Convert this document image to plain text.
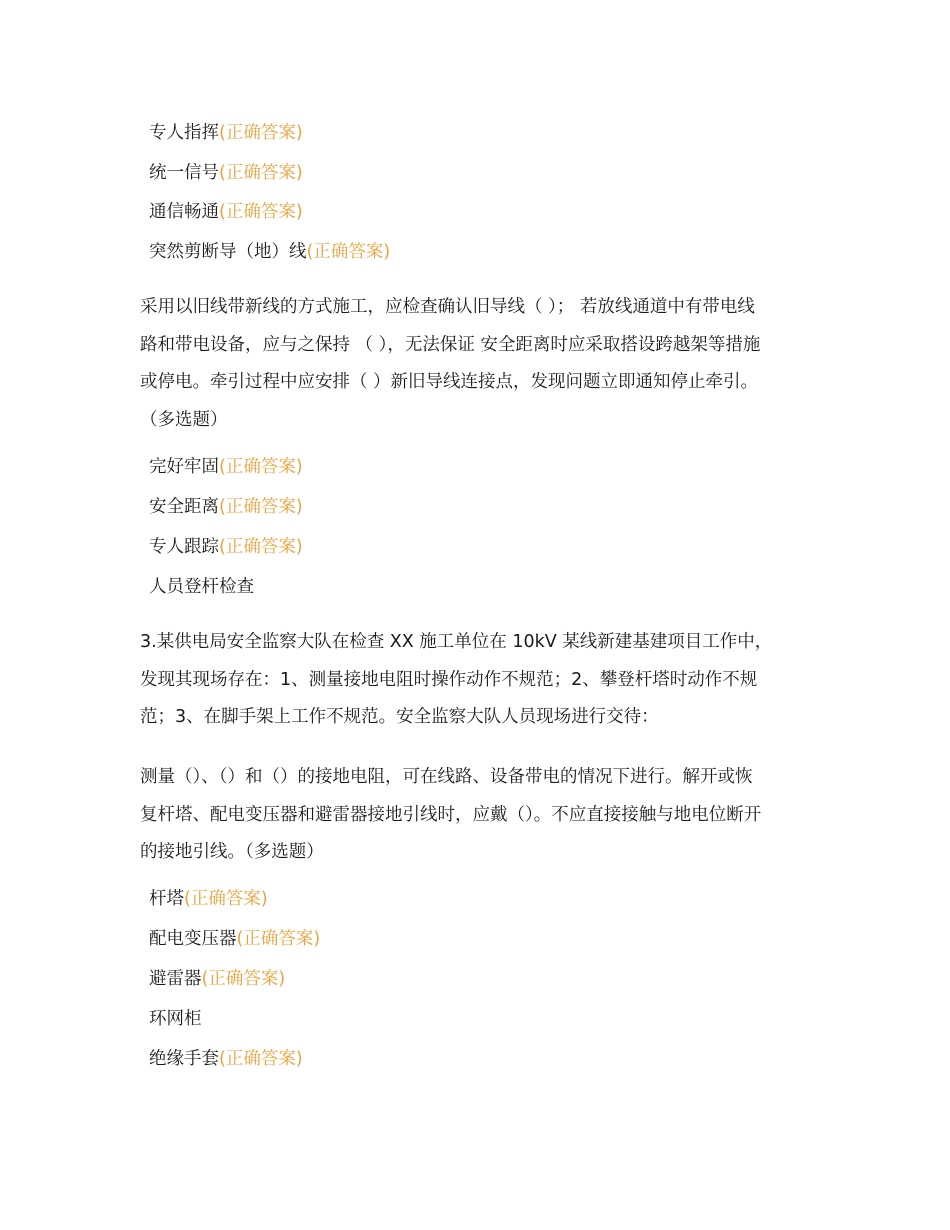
专人指挥(正确答案)
统一信号(正确答案)
通信畅通(正确答案)
突然剪断导（地）线(正确答案)
采用以旧线带新线的方式施工，应检查确认旧导线（ ）； 若放线通道中有带电线
路和带电设备，应与之保持 （ ），无法保证 安全距离时应采取搭设跨越架等措施
或停电。牵引过程中应安排（ ）新旧导线连接点，发现问题立即通知停止牵引。
（多选题）
完好牢固(正确答案)
安全距离(正确答案)
专人跟踪(正确答案)
人员登杆检查
3.某供电局安全监察大队在检查 XX 施工单位在 10kV 某线新建基建项目工作中，
发现其现场存在：1、测量接地电阻时操作动作不规范；2、攀登杆塔时动作不规
范；3、在脚手架上工作不规范。安全监察大队人员现场进行交待：
测量（）、（）和（）的接地电阻，可在线路、设备带电的情况下进行。解开或恢
复杆塔、配电变压器和避雷器接地引线时，应戴（）。不应直接接触与地电位断开
的接地引线。（多选题）
杆塔(正确答案)
配电变压器(正确答案)
避雷器(正确答案)
环网柜
绝缘手套(正确答案)
